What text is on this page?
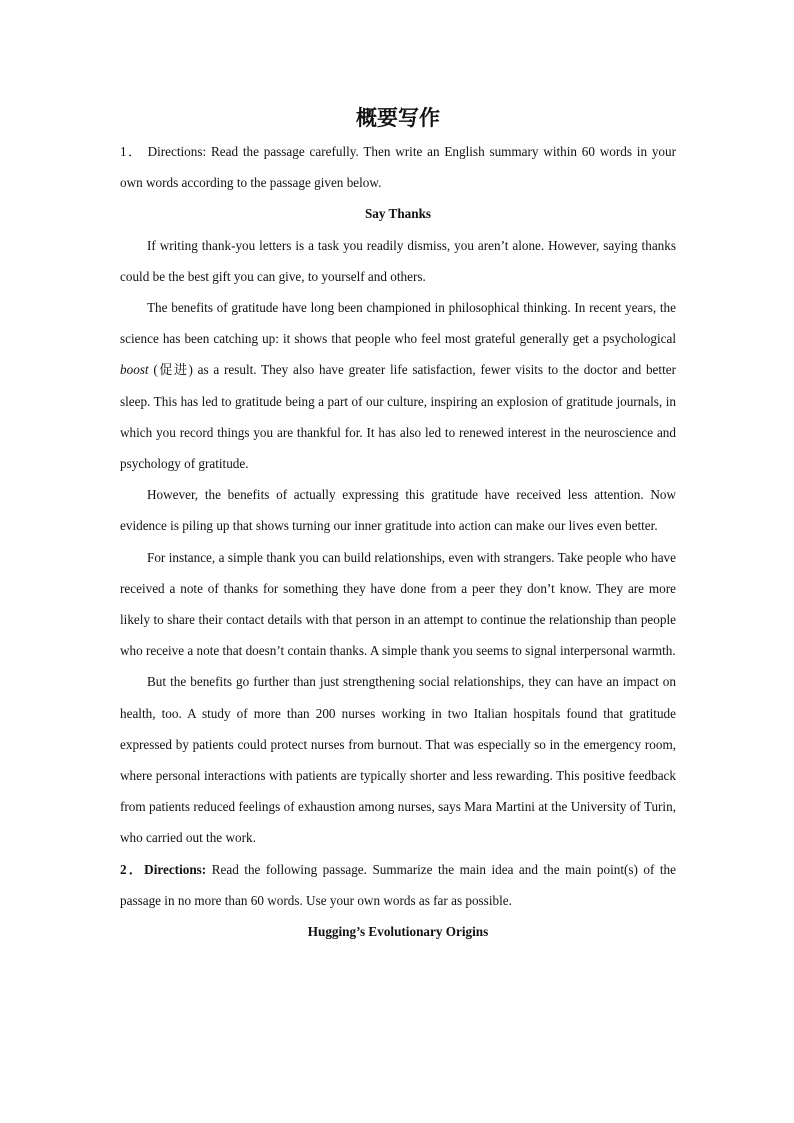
概要写作

1． Directions: Read the passage carefully. Then write an English summary within 60 words in your own words according to the passage given below.

Say Thanks

If writing thank-you letters is a task you readily dismiss, you aren’t alone. However, saying thanks could be the best gift you can give, to yourself and others.

The benefits of gratitude have long been championed in philosophical thinking. In recent years, the science has been catching up: it shows that people who feel most grateful generally get a psychological boost (促进) as a result. They also have greater life satisfaction, fewer visits to the doctor and better sleep. This has led to gratitude being a part of our culture, inspiring an explosion of gratitude journals, in which you record things you are thankful for. It has also led to renewed interest in the neuroscience and psychology of gratitude.

However, the benefits of actually expressing this gratitude have received less attention. Now evidence is piling up that shows turning our inner gratitude into action can make our lives even better.

For instance, a simple thank you can build relationships, even with strangers. Take people who have received a note of thanks for something they have done from a peer they don’t know. They are more likely to share their contact details with that person in an attempt to continue the relationship than people who receive a note that doesn’t contain thanks. A simple thank you seems to signal interpersonal warmth.

But the benefits go further than just strengthening social relationships, they can have an impact on health, too. A study of more than 200 nurses working in two Italian hospitals found that gratitude expressed by patients could protect nurses from burnout. That was especially so in the emergency room, where personal interactions with patients are typically shorter and less rewarding. This positive feedback from patients reduced feelings of exhaustion among nurses, says Mara Martini at the University of Turin, who carried out the work.

2．Directions: Read the following passage. Summarize the main idea and the main point(s) of the passage in no more than 60 words. Use your own words as far as possible.

Hugging’s Evolutionary Origins
